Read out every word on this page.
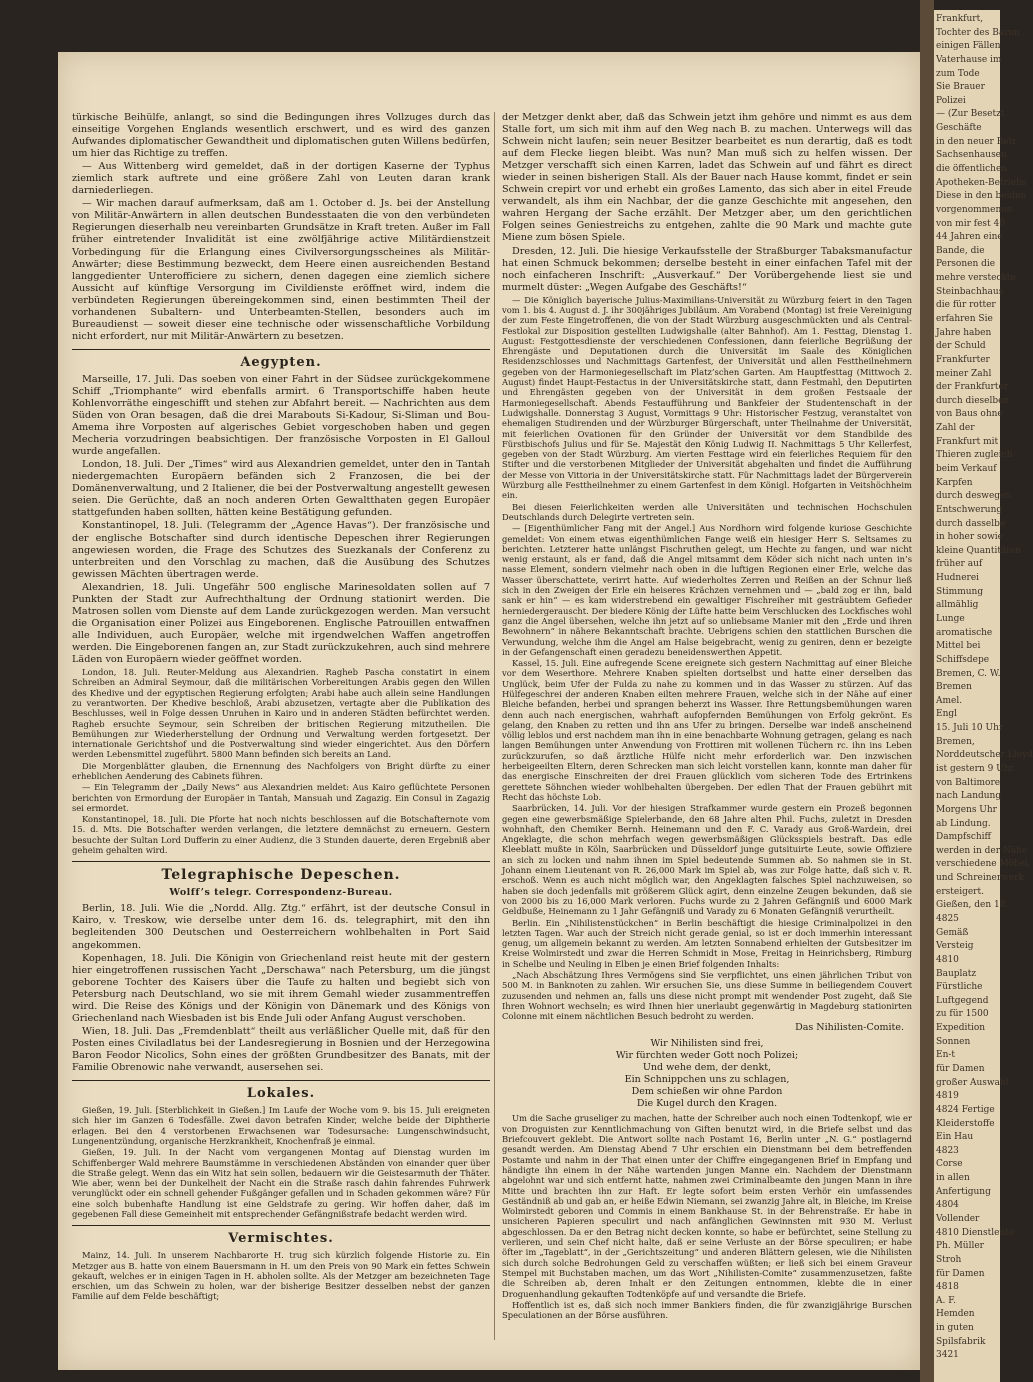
türkische Beihülfe, anlangt, so sind die Bedingungen ihres Vollzuges durch das einseitige Vorgehen Englands wesentlich erschwert, und es wird des ganzen Aufwandes diplomatischer Gewandtheit und diplomatischen guten Willens bedürfen, um hier das Richtige zu treffen.

— Aus Wittenberg wird gemeldet, daß in der dortigen Kaserne der Typhus ziemlich stark auftrete und eine größere Zahl von Leuten daran krank darniederliegen.

— Wir machen darauf aufmerksam, daß am 1. October d. Js. bei der Anstellung von Militär-Anwärtern in allen deutschen Bundesstaaten die von den verbündeten Regierungen dieserhalb neu vereinbarten Grundsätze in Kraft treten. Außer im Fall früher eintretender Invalidität ist eine zwölfjährige active Militärdienstzeit Vorbedingung für die Erlangung eines Civilversorgungsscheines als Militär-Anwärter; diese Bestimmung bezweckt, dem Heere einen ausreichenden Bestand langgedienter Unterofficiere zu sichern, denen dagegen eine ziemlich sichere Aussicht auf künftige Versorgung im Civildienste eröffnet wird, indem die verbündeten Regierungen übereingekommen sind, einen bestimmten Theil der vorhandenen Subaltern- und Unterbeamten-Stellen, besonders auch im Bureaudienst — soweit dieser eine technische oder wissenschaftliche Vorbildung nicht erfordert, nur mit Militär-Anwärtern zu besetzen.

Aegypten.

Marseille, 17. Juli. Das soeben von einer Fahrt in der Südsee zurückgekommene Schiff „Triomphante“ wird ebenfalls armirt. 6 Transportschiffe haben heute Kohlenvorräthe eingeschifft und stehen zur Abfahrt bereit. — Nachrichten aus dem Süden von Oran besagen, daß die drei Marabouts Si-Kadour, Si-Sliman und Bou-Amema ihre Vorposten auf algerisches Gebiet vorgeschoben haben und gegen Mecheria vorzudringen beabsichtigen. Der französische Vorposten in El Galloul wurde angefallen.

London, 18. Juli. Der „Times“ wird aus Alexandrien gemeldet, unter den in Tantah niedergemachten Europäern befänden sich 2 Franzosen, die bei der Domänenverwaltung, und 2 Italiener, die bei der Postverwaltung angestellt gewesen seien. Die Gerüchte, daß an noch anderen Orten Gewaltthaten gegen Europäer stattgefunden haben sollten, hätten keine Bestätigung gefunden.

Konstantinopel, 18. Juli. (Telegramm der „Agence Havas“). Der französische und der englische Botschafter sind durch identische Depeschen ihrer Regierungen angewiesen worden, die Frage des Schutzes des Suezkanals der Conferenz zu unterbreiten und den Vorschlag zu machen, daß die Ausübung des Schutzes gewissen Mächten übertragen werde.

Alexandrien, 18. Juli. Ungefähr 500 englische Marinesoldaten sollen auf 7 Punkten der Stadt zur Aufrechthaltung der Ordnung stationirt werden. Die Matrosen sollen vom Dienste auf dem Lande zurückgezogen werden. Man versucht die Organisation einer Polizei aus Eingeborenen. Englische Patrouillen entwaffnen alle Individuen, auch Europäer, welche mit irgendwelchen Waffen angetroffen werden. Die Eingeborenen fangen an, zur Stadt zurückzukehren, auch sind mehrere Läden von Europäern wieder geöffnet worden.

London, 18. Juli. Reuter-Meldung aus Alexandrien. Ragheb Pascha constatirt in einem Schreiben an Admiral Seymour, daß die militärischen Vorbereitungen Arabis gegen den Willen des Khedive und der egyptischen Regierung erfolgten; Arabi habe auch allein seine Handlungen zu verantworten. Der Khedive beschloß, Arabi abzusetzen, vertagte aber die Publikation des Beschlusses, weil in Folge dessen Unruhen in Kairo und in anderen Städten befürchtet werden. Ragheb ersuchte Seymour, sein Schreiben der britischen Regierung mitzutheilen. Die Bemühungen zur Wiederherstellung der Ordnung und Verwaltung werden fortgesetzt. Der internationale Gerichtshof und die Postverwaltung sind wieder eingerichtet. Aus den Dörfern werden Lebensmittel zugeführt. 5800 Mann befinden sich bereits an Land.

Die Morgenblätter glauben, die Ernennung des Nachfolgers von Bright dürfte zu einer erheblichen Aenderung des Cabinets führen.

— Ein Telegramm der „Daily News“ aus Alexandrien meldet: Aus Kairo geflüchtete Personen berichten von Ermordung der Europäer in Tantah, Mansuah und Zagazig. Ein Consul in Zagazig sei ermordet.

Konstantinopel, 18. Juli. Die Pforte hat noch nichts beschlossen auf die Botschafternote vom 15. d. Mts. Die Botschafter werden verlangen, die letztere demnächst zu erneuern. Gestern besuchte der Sultan Lord Dufferin zu einer Audienz, die 3 Stunden dauerte, deren Ergebniß aber geheim gehalten wird.

Telegraphische Depeschen.
Wolff’s telegr. Correspondenz-Bureau.

Berlin, 18. Juli. Wie die „Nordd. Allg. Ztg.“ erfährt, ist der deutsche Consul in Kairo, v. Treskow, wie derselbe unter dem 16. ds. telegraphirt, mit den ihn begleitenden 300 Deutschen und Oesterreichern wohlbehalten in Port Said angekommen.

Kopenhagen, 18. Juli. Die Königin von Griechenland reist heute mit der gestern hier eingetroffenen russischen Yacht „Derschawa“ nach Petersburg, um die jüngst geborene Tochter des Kaisers über die Taufe zu halten und begiebt sich von Petersburg nach Deutschland, wo sie mit ihrem Gemahl wieder zusammentreffen wird. Die Reise des Königs und der Königin von Dänemark und des Königs von Griechenland nach Wiesbaden ist bis Ende Juli oder Anfang August verschoben.

Wien, 18. Juli. Das „Fremdenblatt“ theilt aus verläßlicher Quelle mit, daß für den Posten eines Civiladlatus bei der Landesregierung in Bosnien und der Herzegowina Baron Feodor Nicolics, Sohn eines der größten Grundbesitzer des Banats, mit der Familie Obrenowic nahe verwandt, ausersehen sei.

Lokales.

Gießen, 19. Juli. [Sterblichkeit in Gießen.] Im Laufe der Woche vom 9. bis 15. Juli ereigneten sich hier im Ganzen 6 Todesfälle. Zwei davon betrafen Kinder, welche beide der Diphtherie erlagen. Bei den 4 verstorbenen Erwachsenen war Todesursache: Lungenschwindsucht, Lungenentzündung, organische Herzkrankheit, Knochenfraß je einmal.

Gießen, 19. Juli. In der Nacht vom vergangenen Montag auf Dienstag wurden im Schiffenberger Wald mehrere Baumstämme in verschiedenen Abständen von einander quer über die Straße gelegt. Wenn das ein Witz hat sein sollen, bedauern wir die Geistesarmuth der Thäter. Wie aber, wenn bei der Dunkelheit der Nacht ein die Straße rasch dahin fahrendes Fuhrwerk verunglückt oder ein schnell gehender Fußgänger gefallen und in Schaden gekommen wäre? Für eine solch bubenhafte Handlung ist eine Geldstrafe zu gering. Wir hoffen daher, daß im gegebenen Fall diese Gemeinheit mit entsprechender Gefängnißstrafe bedacht werden wird.

Vermischtes.

Mainz, 14. Juli. In unserem Nachbarorte H. trug sich kürzlich folgende Historie zu. Ein Metzger aus B. hatte von einem Bauersmann in H. um den Preis von 90 Mark ein fettes Schwein gekauft, welches er in einigen Tagen in H. abholen sollte. Als der Metzger am bezeichneten Tage erschien, um das Schwein zu holen, war der bisherige Besitzer desselben nebst der ganzen Familie auf dem Felde beschäftigt;

der Metzger denkt aber, daß das Schwein jetzt ihm gehöre und nimmt es aus dem Stalle fort, um sich mit ihm auf den Weg nach B. zu machen. Unterwegs will das Schwein nicht laufen; sein neuer Besitzer bearbeitet es nun derartig, daß es todt auf dem Flecke liegen bleibt. Was nun? Man muß sich zu helfen wissen. Der Metzger verschafft sich einen Karren, ladet das Schwein auf und fährt es direct wieder in seinen bisherigen Stall. Als der Bauer nach Hause kommt, findet er sein Schwein crepirt vor und erhebt ein großes Lamento, das sich aber in eitel Freude verwandelt, als ihm ein Nachbar, der die ganze Geschichte mit angesehen, den wahren Hergang der Sache erzählt. Der Metzger aber, um den gerichtlichen Folgen seines Geniestreichs zu entgehen, zahlte die 90 Mark und machte gute Miene zum bösen Spiele.

Dresden, 12. Juli. Die hiesige Verkaufsstelle der Straßburger Tabaksmanufactur hat einen Schmuck bekommen; derselbe besteht in einer einfachen Tafel mit der noch einfacheren Inschrift: „Ausverkauf.“ Der Vorübergehende liest sie und murmelt düster: „Wegen Aufgabe des Geschäfts!“

— Die Königlich bayerische Julius-Maximilians-Universität zu Würzburg feiert in den Tagen vom 1. bis 4. August d. J. ihr 300jähriges Jubiläum. Am Vorabend (Montag) ist freie Vereinigung der zum Feste Eingetroffenen, die von der Stadt Würzburg ausgeschmückten und als Central-Festlokal zur Disposition gestellten Ludwigshalle (alter Bahnhof). Am 1. Festtag, Dienstag 1. August: Festgottesdienste der verschiedenen Confessionen, dann feierliche Begrüßung der Ehrengäste und Deputationen durch die Universität im Saale des Königlichen Residenzschlosses und Nachmittags Gartenfest, der Universität und allen Festtheilnehmern gegeben von der Harmoniegesellschaft im Platz’schen Garten. Am Hauptfesttag (Mittwoch 2. August) findet Haupt-Festactus in der Universitätskirche statt, dann Festmahl, den Deputirten und Ehrengästen gegeben von der Universität in dem großen Festsaale der Harmoniegesellschaft. Abends Festaufführung und Bankfeier der Studentenschaft in der Ludwigshalle. Donnerstag 3 August, Vormittags 9 Uhr: Historischer Festzug, veranstaltet von ehemaligen Studirenden und der Würzburger Bürgerschaft, unter Theilnahme der Universität, mit feierlichen Ovationen für den Gründer der Universität vor dem Standbilde des Fürstbischofs Julius und für Se. Majestät den König Ludwig II. Nachmittags 5 Uhr Kellerfest, gegeben von der Stadt Würzburg. Am vierten Festtage wird ein feierliches Requiem für den Stifter und die verstorbenen Mitglieder der Universität abgehalten und findet die Aufführung der Messe von Vittoria in der Universitätskirche statt. Für Nachmittags ladet der Bürgerverein Würzburg alle Festtheilnehmer zu einem Gartenfest in dem Königl. Hofgarten in Veitshöchheim ein.

Bei diesen Feierlichkeiten werden alle Universitäten und technischen Hochschulen Deutschlands durch Delegirte vertreten sein.

— [Eigenthümlicher Fang mit der Angel.] Aus Nordhorn wird folgende kuriose Geschichte gemeldet: Von einem etwas eigenthümlichen Fange weiß ein hiesiger Herr S. Seltsames zu berichten. Letzterer hatte unlängst Fischruthen gelegt, um Hechte zu fangen, und war nicht wenig erstaunt, als er fand, daß die Angel mitsammt dem Köder sich nicht nach unten in’s nasse Element, sondern vielmehr nach oben in die luftigen Regionen einer Erle, welche das Wasser überschattete, verirrt hatte. Auf wiederholtes Zerren und Reißen an der Schnur ließ sich in den Zweigen der Erle ein heiseres Krächzen vernehmen und — „bald zog er ihn, bald sank er hin“ — es kam widerstrebend ein gewaltiger Fischreiher mit gesträubtem Gefieder herniedergerauscht. Der biedere König der Lüfte hatte beim Verschlucken des Lockfisches wohl ganz die Angel übersehen, welche ihn jetzt auf so unliebsame Manier mit den „Erde und ihren Bewohnern“ in nähere Bekanntschaft brachte. Uebrigens schien den stattlichen Burschen die Verwundung, welche ihm die Angel am Halse beigebracht, wenig zu geniren, denn er bezeigte in der Gefangenschaft einen geradezu beneidenswerthen Appetit.

Kassel, 15. Juli. Eine aufregende Scene ereignete sich gestern Nachmittag auf einer Bleiche vor dem Weserthore. Mehrere Knaben spielten dortselbst und hatte einer derselben das Unglück, beim Ufer der Fulda zu nahe zu kommen und in das Wasser zu stürzen. Auf das Hülfegeschrei der anderen Knaben eilten mehrere Frauen, welche sich in der Nähe auf einer Bleiche befanden, herbei und sprangen beherzt ins Wasser. Ihre Rettungsbemühungen waren denn auch nach energischen, wahrhaft aufopfernden Bemühungen von Erfolg gekrönt. Es gelang, den Knaben zu retten und ihn ans Ufer zu bringen. Derselbe war indeß anscheinend völlig leblos und erst nachdem man ihn in eine benachbarte Wohnung getragen, gelang es nach langen Bemühungen unter Anwendung von Frottiren mit wollenen Tüchern rc. ihn ins Leben zurückzurufen, so daß ärztliche Hülfe nicht mehr erforderlich war. Den inzwischen herbeigeeilten Eltern, deren Schrecken man sich leicht vorstellen kann, konnte man daher für das energische Einschreiten der drei Frauen glücklich vom sicheren Tode des Ertrinkens gerettete Söhnchen wieder wohlbehalten übergeben. Der edlen That der Frauen gebührt mit Recht das höchste Lob.

Saarbrücken, 14. Juli. Vor der hiesigen Strafkammer wurde gestern ein Prozeß begonnen gegen eine gewerbsmäßige Spielerbande, den 68 Jahre alten Phil. Fuchs, zuletzt in Dresden wohnhaft, den Chemiker Bernh. Heinemann und den F. C. Varady aus Groß-Wardein, drei Angeklagte, die schon mehrfach wegen gewerbsmäßigen Glücksspiels bestraft. Das edle Kleeblatt mußte in Köln, Saarbrücken und Düsseldorf junge gutsituirte Leute, sowie Offiziere an sich zu locken und nahm ihnen im Spiel bedeutende Summen ab. So nahmen sie in St. Johann einem Lieutenant von R. 26,000 Mark im Spiel ab, was zur Folge hatte, daß sich v. R. erschoß. Wenn es auch nicht möglich war, den Angeklagten falsches Spiel nachzuweisen, so haben sie doch jedenfalls mit größerem Glück agirt, denn einzelne Zeugen bekunden, daß sie von 2000 bis zu 16,000 Mark verloren. Fuchs wurde zu 2 Jahren Gefängniß und 6000 Mark Geldbuße, Heinemann zu 1 Jahr Gefängniß und Varady zu 6 Monaten Gefängniß verurtheilt.

Berlin. Ein „Nihilistenstückchen“ in Berlin beschäftigt die hiesige Criminalpolizei in den letzten Tagen. War auch der Streich nicht gerade genial, so ist er doch immerhin interessant genug, um allgemein bekannt zu werden. Am letzten Sonnabend erhielten der Gutsbesitzer im Kreise Wolmirstedt und zwar die Herren Schmidt in Mose, Freitag in Heinrichsberg, Rimburg in Schelbe und Neuling in Elben je einen Brief folgenden Inhalts:

„Nach Abschätzung Ihres Vermögens sind Sie verpflichtet, uns einen jährlichen Tribut von 500 M. in Banknoten zu zahlen. Wir ersuchen Sie, uns diese Summe in beiliegendem Couvert zuzusenden und nehmen an, falls uns diese nicht prompt mit wendender Post zugeht, daß Sie Ihren Wohnort wechseln; es wird Ihnen hier unerlaubt gegenwärtig in Magdeburg stationirten Colonne mit einem nächtlichen Besuch bedroht zu werden.

Das Nihilisten-Comite.
Wir Nihilisten sind frei,
Wir fürchten weder Gott noch Polizei;
Und wehe dem, der denkt,
Ein Schnippchen uns zu schlagen,
Dem schießen wir ohne Pardon
Die Kugel durch den Kragen.

Um die Sache gruseliger zu machen, hatte der Schreiber auch noch einen Todtenkopf, wie er von Droguisten zur Kenntlichmachung von Giften benutzt wird, in die Briefe selbst und das Briefcouvert geklebt. Die Antwort sollte nach Postamt 16, Berlin unter „N. G.“ postlagernd gesandt werden. Am Dienstag Abend 7 Uhr erschien ein Dienstmann bei dem betreffenden Postamte und nahm in der That einen unter der Chiffre eingegangenen Brief in Empfang und händigte ihn einem in der Nähe wartenden jungen Manne ein. Nachdem der Dienstmann abgelohnt war und sich entfernt hatte, nahmen zwei Criminalbeamte den jungen Mann in ihre Mitte und brachten ihn zur Haft. Er legte sofort beim ersten Verhör ein umfassendes Geständniß ab und gab an, er heiße Edwin Niemann, sei zwanzig Jahre alt, in Bleiche, im Kreise Wolmirstedt geboren und Commis in einem Bankhause St. in der Behrenstraße. Er habe in unsicheren Papieren speculirt und nach anfänglichen Gewinnsten mit 930 M. Verlust abgeschlossen. Da er den Betrag nicht decken konnte, so habe er befürchtet, seine Stellung zu verlieren, und sein Chef nicht halte, daß er seine Verluste an der Börse speculiren; er habe öfter im „Tageblatt“, in der „Gerichtszeitung“ und anderen Blättern gelesen, wie die Nihilisten sich durch solche Bedrohungen Geld zu verschaffen wüßten; er ließ sich bei einem Graveur Stempel mit Buchstaben machen, um das Wort „Nihilisten-Comite“ zusammenzusetzen, faßte die Schreiben ab, deren Inhalt er den Zeitungen entnommen, klebte die in einer Droguenhandlung gekauften Todtenköpfe auf und versandte die Briefe.

Hoffentlich ist es, daß sich noch immer Bankiers finden, die für zwanzigjährige Burschen Speculationen an der Börse ausführen.

Frankfurt,
Tochter des Baron
einigen Fällen
Vaterhause im
zum Tode
Sie Brauer
Polizei
— (Zur Besetzt
Geschäfte
in den neuer Betr
Sachsenhausen
die öffentlichen
Apotheken-Betriebs
Diese in den beiden
vorgenommenen
von mir fest 40
44 Jahren eine
Bande, die
Personen die
mehre versteckte
Steinbachhaus
die für rotter
erfahren Sie
Jahre haben
der Schuld
Frankfurter
meiner Zahl
der Frankfurter
durch dieselben
von Baus ohne
Zahl der
Frankfurt mit
Thieren zugleich
beim Verkauf
Karpfen
durch deswegen
Entschwerung
durch dasselbe
in hoher sowie
kleine Quantitäten
früher auf
Hudnerei
Stimmung
allmählig
Lunge
aromatische
Mittel bei
Schiffsdepe
Bremen, C. W.
Bremen
Amel.
Engl
15. Juli 10 Uhr
Bremen,
Norddeutscher Lloyd
ist gestern 9 Uhr
von Baltimore
nach Landung
Morgens Uhr
ab Lindung.
Dampfschiff
werden in der Nähe
verschiedene Möbel,
und Schreinerwerk
ersteigert.
Gießen, den 18.
4825
Gemäß
Versteig
4810
Bauplatz
Fürstliche
Luftgegend
zu für 1500
Expedition
Sonnen
En-t
für Damen
großer Auswahl
4819
4824 Fertige
Kleiderstoffe
Ein Hau
4823
Corse
in allen
Anfertigung
4804
Vollender
4810 Dienstleute
Ph. Müller
Stroh
für Damen
4818
A. F.
Hemden
in guten
Spilsfabrik
3421
